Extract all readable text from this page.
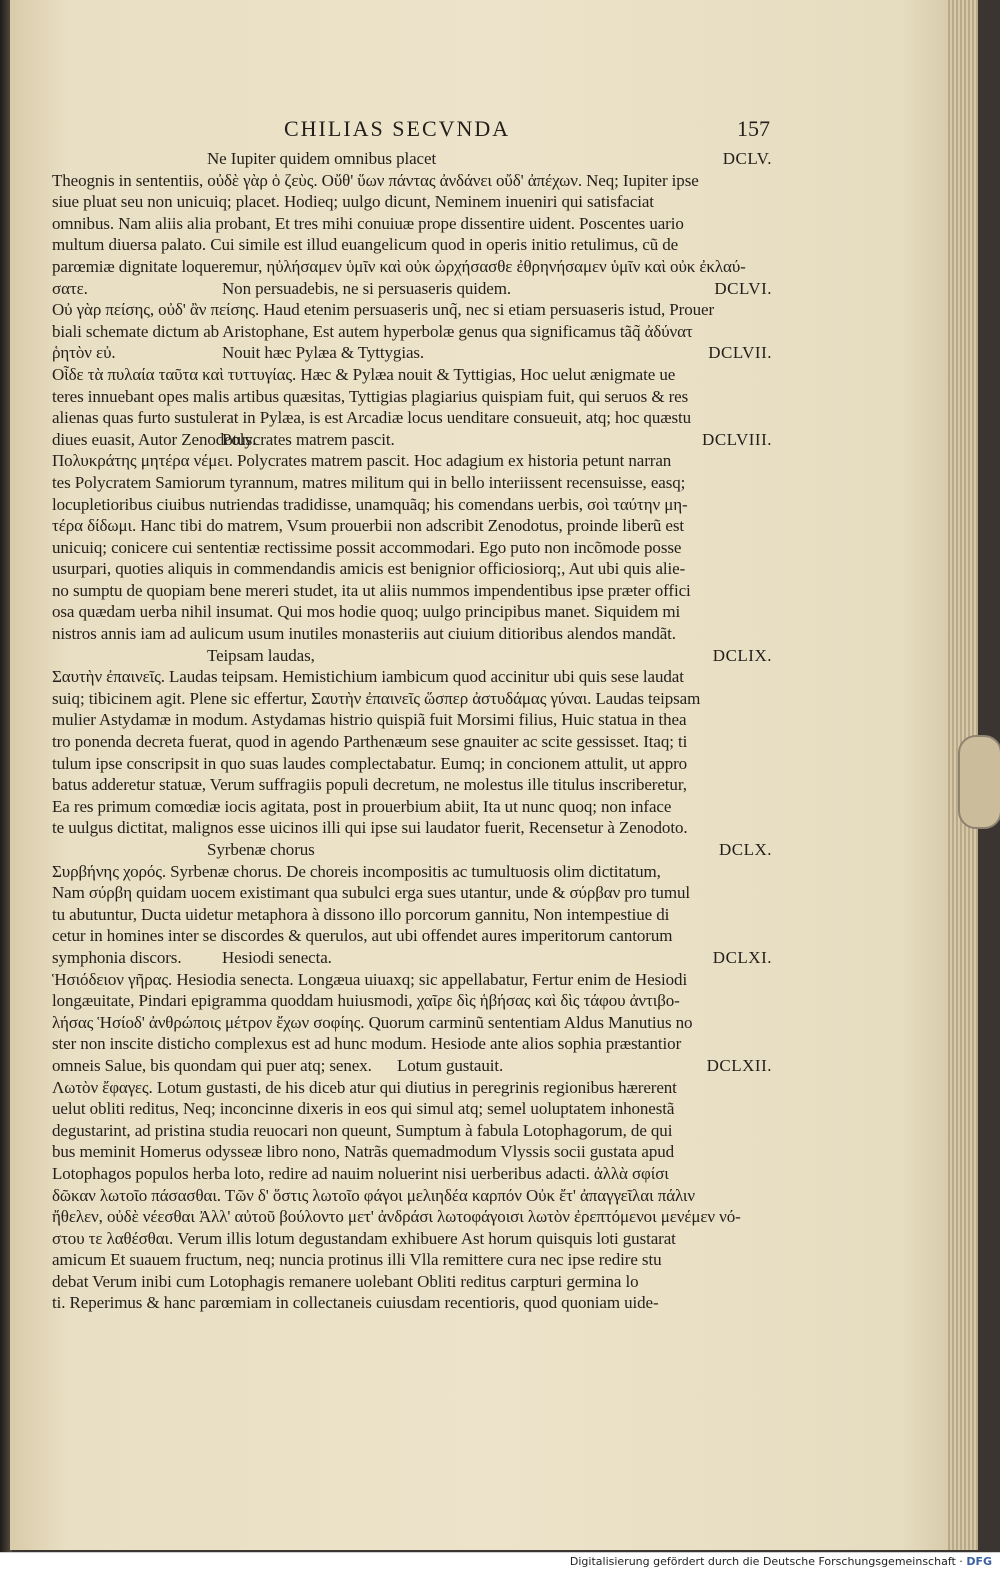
CHILIAS SECVNDA	157
Ne Iupiter quidem omnibus placet	DCLV.
Theognis in sententiis, οὐδὲ γὰρ ὁ ζεὺς. Οὔθ' ὕων πάντας ἀνδάνει οὔδ' ἀπέχων. Neq; Iupiter ipse
siue pluat seu non unicuiq; placet. Hodieq; uulgo dicunt, Neminem inueniri qui satisfaciat
omnibus. Nam aliis alia probant, Et tres mihi conuiuæ prope dissentire uident. Poscentes uario
multum diuersa palato. Cui simile est illud euangelicum quod in operis initio retulimus, cũ de
parœmiæ dignitate loqueremur, ηὐλήσαμεν ὑμῖν καὶ οὐκ ὠρχήσασθε ἐθρηνήσαμεν ὑμῖν καὶ οὐκ ἐκλαύ-
σατε.	Non persuadebis, ne si persuaseris quidem.	DCLVI.
Οὐ γὰρ πείσης, οὐδ' ἂν πείσης. Haud etenim persuaseris unq̃, nec si etiam persuaseris istud, Prouer
biali schemate dictum ab Aristophane, Est autem hyperbolæ genus qua significamus tãq̃ ἀδύνατ
ῥητὸν εὐ.	Nouit hæc Pylæa & Tyttygias.	DCLVII.
Οἶδε τὰ πυλαία ταῦτα καὶ τυττυγίας. Hæc & Pylæa nouit & Tyttigias, Hoc uelut ænigmate ue
teres innuebant opes malis artibus quæsitas, Tyttigias plagiarius quispiam fuit, qui seruos & res
alienas quas furto sustulerat in Pylæa, is est Arcadiæ locus uenditare consueuit, atq; hoc quæstu
diues euasit, Autor Zenodotus.
Polycrates matrem pascit.	DCLVIII.
Πολυκράτης μητέρα νέμει. Polycrates matrem pascit. Hoc adagium ex historia petunt narran
tes Polycratem Samiorum tyrannum, matres militum qui in bello interiissent recensuisse, easq;
locupletioribus ciuibus nutriendas tradidisse, unamquãq; his comendans uerbis, σοὶ ταύτην μη-
τέρα δίδωμι. Hanc tibi do matrem, Vsum prouerbii non adscribit Zenodotus, proinde liberũ est
unicuiq; conicere cui sententiæ rectissime possit accommodari. Ego puto non incõmode posse
usurpari, quoties aliquis in commendandis amicis est benignior officiosiorq;, Aut ubi quis alie-
no sumptu de quopiam bene mereri studet, ita ut aliis nummos impendentibus ipse præter offici
osa quædam uerba nihil insumat. Qui mos hodie quoq; uulgo principibus manet. Siquidem mi
nistros annis iam ad aulicum usum inutiles monasteriis aut ciuium ditioribus alendos mandãt.
Teipsam laudas,	DCLIX.
Σαυτὴν ἐπαινεῖς. Laudas teipsam. Hemistichium iambicum quod accinitur ubi quis sese laudat
suiq; tibicinem agit. Plene sic effertur, Σαυτὴν ἐπαινεῖς ὥσπερ ἀστυδάμας γύναι. Laudas teipsam
mulier Astydamæ in modum. Astydamas histrio quispiã fuit Morsimi filius, Huic statua in thea
tro ponenda decreta fuerat, quod in agendo Parthenæum sese gnauiter ac scite gessisset. Itaq; ti
tulum ipse conscripsit in quo suas laudes complectabatur. Eumq; in concionem attulit, ut appro
batus adderetur statuæ, Verum suffragiis populi decretum, ne molestus ille titulus inscriberetur,
Ea res primum comœdiæ iocis agitata, post in prouerbium abiit, Ita ut nunc quoq; non inface
te uulgus dictitat, malignos esse uicinos illi qui ipse sui laudator fuerit, Recensetur à Zenodoto.
Syrbenæ chorus	DCLX.
Συρβήνης χορός. Syrbenæ chorus. De choreis incompositis ac tumultuosis olim dictitatum,
Nam σύρβη quidam uocem existimant qua subulci erga sues utantur, unde & σύρβαν pro tumul
tu abutuntur, Ducta uidetur metaphora à dissono illo porcorum gannitu, Non intempestiue di
cetur in homines inter se discordes & querulos, aut ubi offendet aures imperitorum cantorum
symphonia discors. Hesiodi senecta.	DCLXI.
Ἡσιόδειον γῆρας. Hesiodia senecta. Longæua uiuaxq; sic appellabatur, Fertur enim de Hesiodi
longæuitate, Pindari epigramma quoddam huiusmodi, χαῖρε δὶς ἡβήσας καὶ δὶς τάφου ἀντιβο-
λήσας Ἡσίοδ' ἀνθρώποις μέτρον ἔχων σοφίης. Quorum carminũ sententiam Aldus Manutius no
ster non inscite disticho complexus est ad hunc modum. Hesiode ante alios sophia præstantior
omneis Salue, bis quondam qui puer atq; senex. Lotum gustauit.	DCLXII.
Λωτὸν ἔφαγες. Lotum gustasti, de his diceb atur qui diutius in peregrinis regionibus hærerent
uelut obliti reditus, Neq; inconcinne dixeris in eos qui simul atq; semel uoluptatem inhonestã
degustarint, ad pristina studia reuocari non queunt, Sumptum à fabula Lotophagorum, de qui
bus meminit Homerus odysseæ libro nono, Natrãs quemadmodum Vlyssis socii gustata apud
Lotophagos populos herba loto, redire ad nauim noluerint nisi uerberibus adacti. ἀλλὰ σφίσι
δῶκαν λωτοῖο πάσασθαι. Τῶν δ' ὅστις λωτοῖο φάγοι μελιηδέα καρπόν Οὐκ ἔτ' ἀπαγγεῖλαι πάλιν
ἤθελεν, οὐδὲ νέεσθαι Ἀλλ' αὐτοῦ βούλοντο μετ' ἀνδράσι λωτοφάγοισι λωτὸν ἐρεπτόμενοι μενέμεν νό-
στου τε λαθέσθαι. Verum illis lotum degustandam exhibuere Ast horum quisquis loti gustarat
amicum Et suauem fructum, neq; nuncia protinus illi Vlla remittere cura nec ipse redire stu
debat Verum inibi cum Lotophagis remanere uolebant Obliti reditus carpturi germina lo
ti. Reperimus & hanc parœmiam in collectaneis cuiusdam recentioris, quod quoniam uide-
Digitalisierung gefördert durch die Deutsche Forschungsgemeinschaft · DFG
